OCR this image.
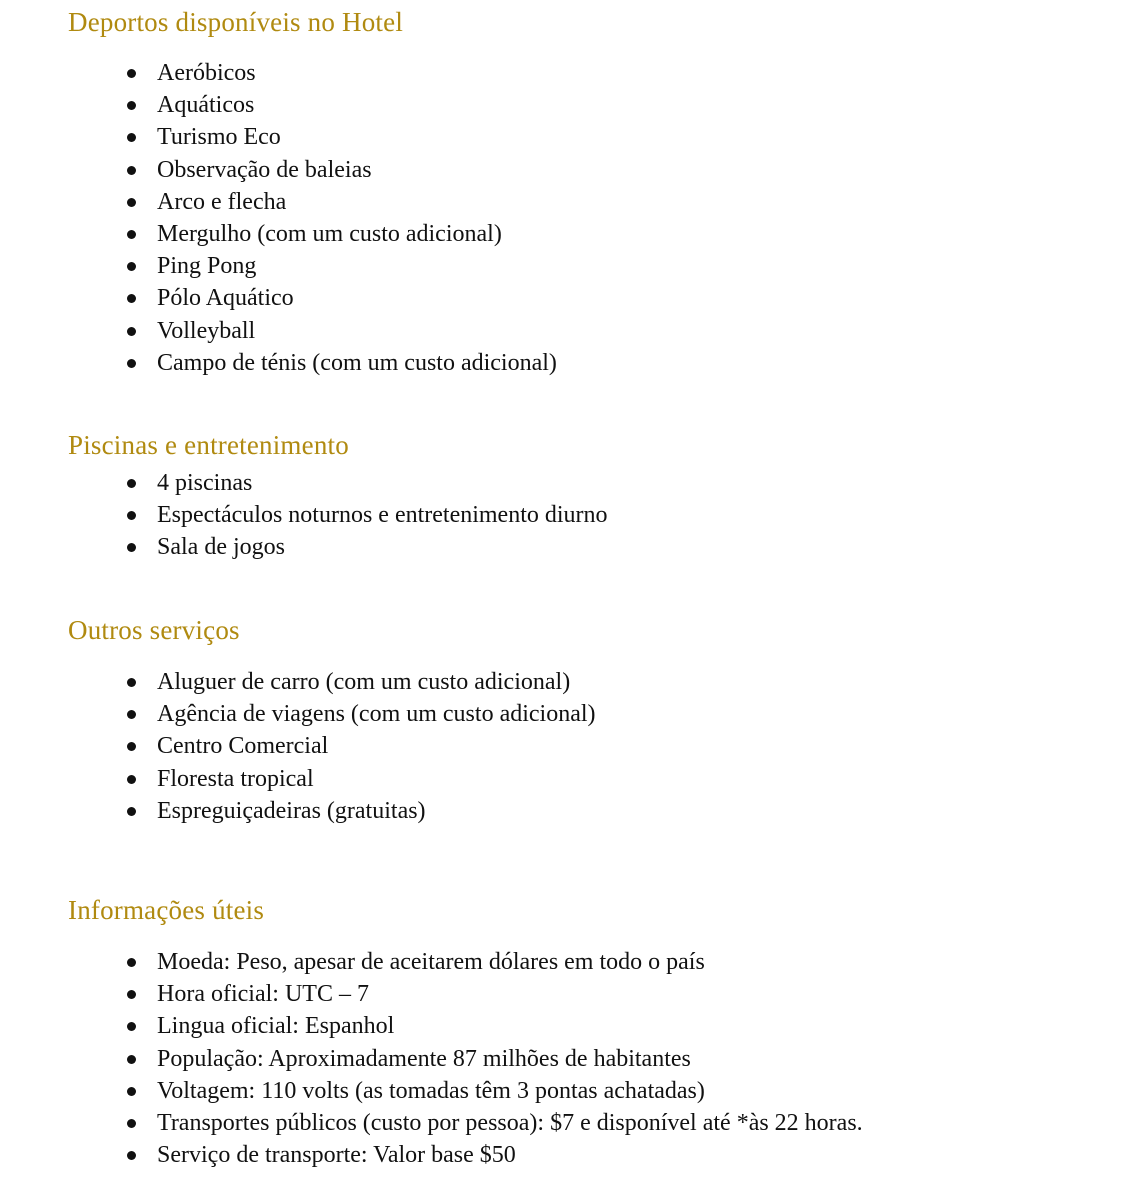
Deportos disponíveis no Hotel
Aeróbicos
Aquáticos
Turismo Eco
Observação de baleias
Arco e flecha
Mergulho (com um custo adicional)
Ping Pong
Pólo Aquático
Volleyball
Campo de ténis (com um custo adicional)
Piscinas e entretenimento
4 piscinas
Espectáculos noturnos e entretenimento diurno
Sala de jogos
Outros serviços
Aluguer de carro (com um custo adicional)
Agência de viagens (com um custo adicional)
Centro Comercial
Floresta tropical
Espreguiçadeiras (gratuitas)
Informações úteis
Moeda: Peso, apesar de aceitarem dólares em todo o país
Hora oficial: UTC – 7
Lingua oficial: Espanhol
População: Aproximadamente 87 milhões de habitantes
Voltagem: 110 volts (as tomadas têm 3 pontas achatadas)
Transportes públicos (custo por pessoa): $7 e disponível até *às 22 horas.
Serviço de transporte: Valor base $50
